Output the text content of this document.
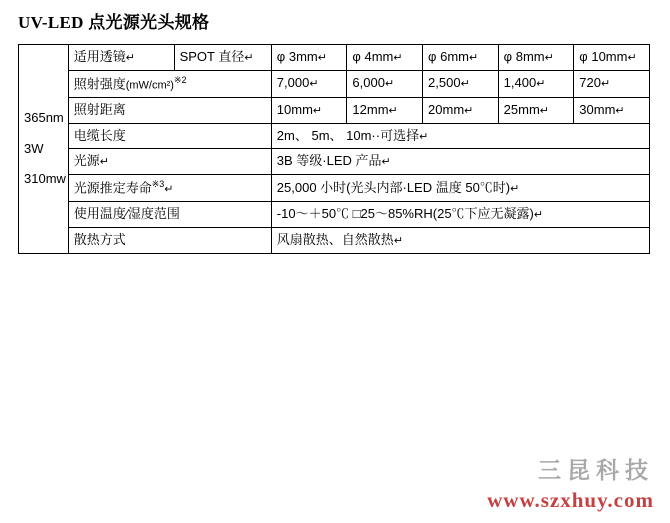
UV-LED 点光源光头规格
365nm
3W
310mw	适用透镜↵	SPOT 直径↵	φ 3mm↵	φ 4mm↵	φ 6mm↵	φ 8mm↵	φ 10mm↵
	照射强度$(mW/cm^2)^{※2}$		7,000↵	6,000↵	2,500↵	1,400↵	720↵
	照射距离		10mm↵	12mm↵	20mm↵	25mm↵	30mm↵
	电缆长度		2m、 5m、 10m··可选择↵				
	光源↵		3B 等级·LED 产品↵				
	光源推定寿命$^{※3}$↵		25,000 小时(光头内部·LED 温度 50℃时)↵				
	使用温度∕湿度范围		-10～＋50℃ □25～85%RH(25℃下应无凝露)↵				
	散热方式		风扇散热、自然散热↵				
三昆科技
www.szxhuy.com
